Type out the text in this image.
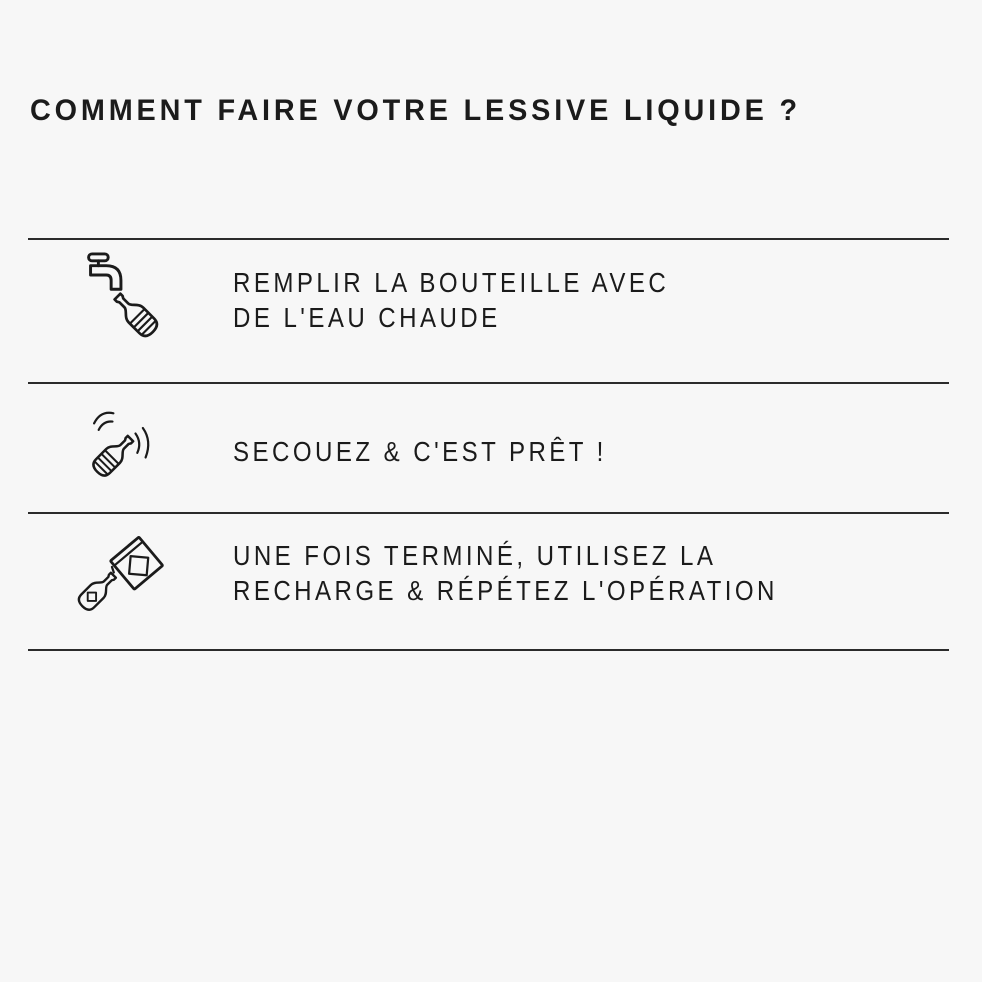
COMMENT FAIRE VOTRE LESSIVE LIQUIDE ?
REMPLIR LA BOUTEILLE AVEC
DE L'EAU CHAUDE
SECOUEZ & C'EST PRÊT !
UNE FOIS TERMINÉ, UTILISEZ LA
RECHARGE & RÉPÉTEZ L'OPÉRATION
